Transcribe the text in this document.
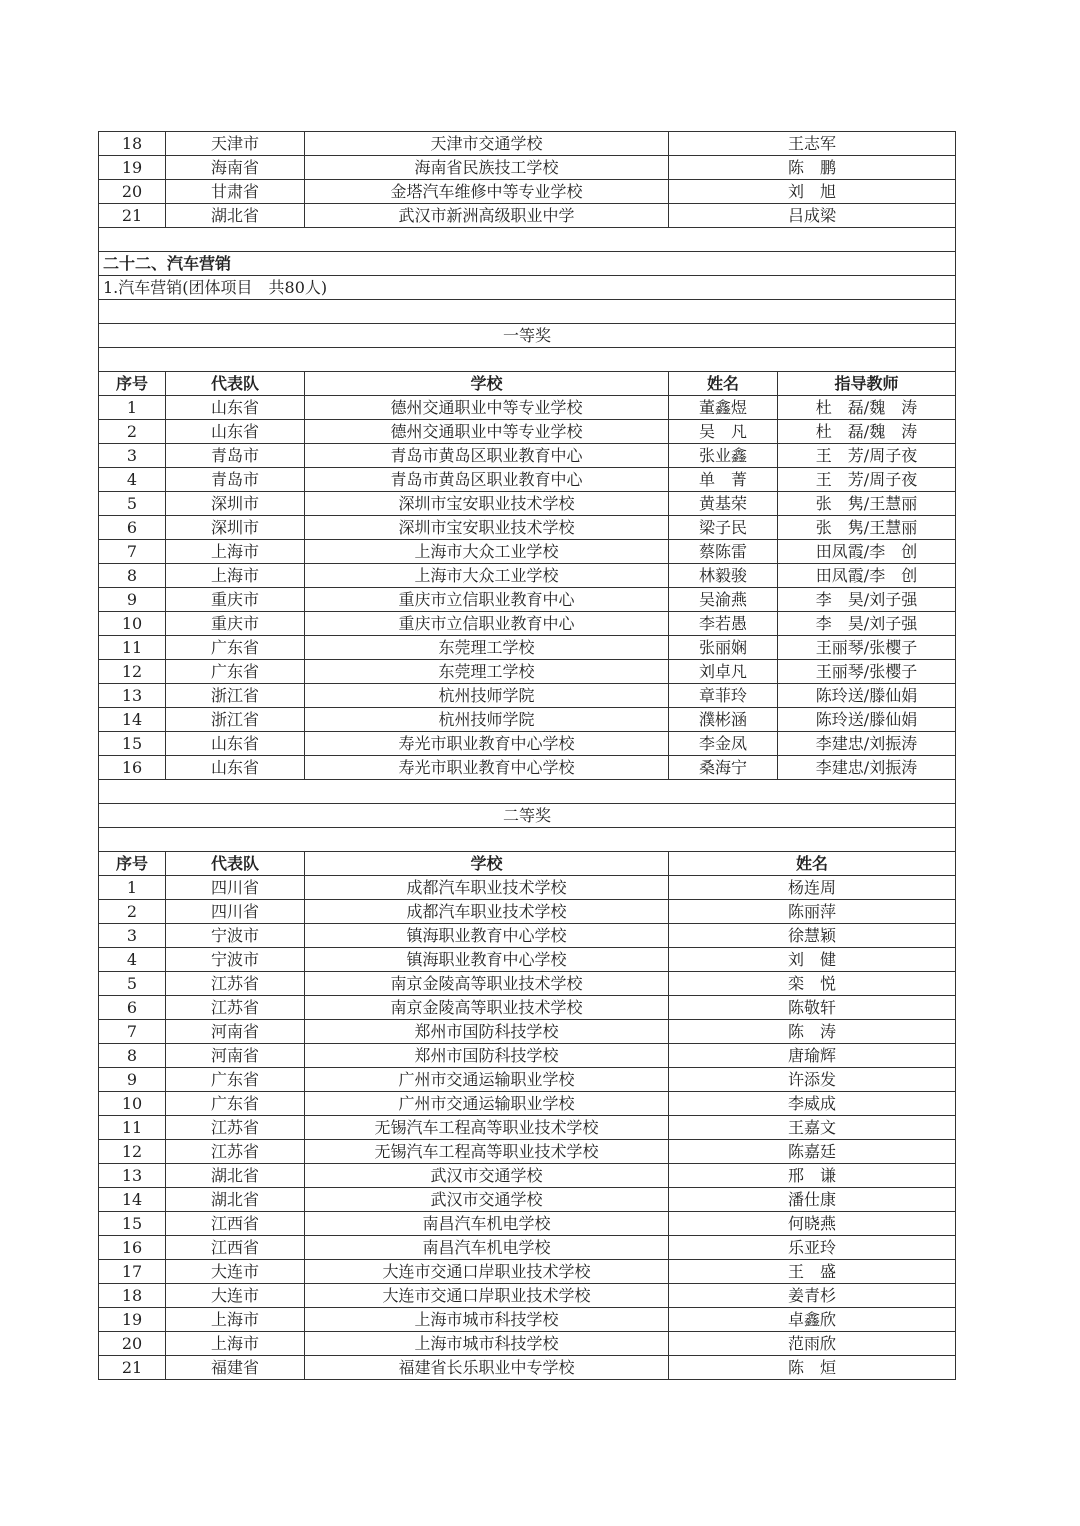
18	天津市	天津市交通学校	王志军	
19	海南省	海南省民族技工学校	陈　鹏	
20	甘肃省	金塔汽车维修中等专业学校	刘　旭	
21	湖北省	武汉市新洲高级职业中学	吕成梁	

二十二、汽车营销				
1.汽车营销(团体项目　共80人)				

一等奖				

序号	代表队	学校	姓名	指导教师
1	山东省	德州交通职业中等专业学校	董鑫煜	杜　磊/魏　涛
2	山东省	德州交通职业中等专业学校	吴　凡	杜　磊/魏　涛
3	青岛市	青岛市黄岛区职业教育中心	张业鑫	王　芳/周子夜
4	青岛市	青岛市黄岛区职业教育中心	单　菁	王　芳/周子夜
5	深圳市	深圳市宝安职业技术学校	黄基荣	张　隽/王慧丽
6	深圳市	深圳市宝安职业技术学校	梁子民	张　隽/王慧丽
7	上海市	上海市大众工业学校	蔡陈雷	田凤霞/李　创
8	上海市	上海市大众工业学校	林毅骏	田凤霞/李　创
9	重庆市	重庆市立信职业教育中心	吴渝燕	李　昊/刘子强
10	重庆市	重庆市立信职业教育中心	李若愚	李　昊/刘子强
11	广东省	东莞理工学校	张丽娴	王丽琴/张樱子
12	广东省	东莞理工学校	刘卓凡	王丽琴/张樱子
13	浙江省	杭州技师学院	章菲玲	陈玲送/滕仙娟
14	浙江省	杭州技师学院	濮彬涵	陈玲送/滕仙娟
15	山东省	寿光市职业教育中心学校	李金凤	李建忠/刘振涛
16	山东省	寿光市职业教育中心学校	桑海宁	李建忠/刘振涛

二等奖				

序号	代表队	学校	姓名	
1	四川省	成都汽车职业技术学校	杨连周	
2	四川省	成都汽车职业技术学校	陈丽萍	
3	宁波市	镇海职业教育中心学校	徐慧颖	
4	宁波市	镇海职业教育中心学校	刘　健	
5	江苏省	南京金陵高等职业技术学校	栾　悦	
6	江苏省	南京金陵高等职业技术学校	陈敬轩	
7	河南省	郑州市国防科技学校	陈　涛	
8	河南省	郑州市国防科技学校	唐瑜辉	
9	广东省	广州市交通运输职业学校	许添发	
10	广东省	广州市交通运输职业学校	李威成	
11	江苏省	无锡汽车工程高等职业技术学校	王嘉文	
12	江苏省	无锡汽车工程高等职业技术学校	陈嘉廷	
13	湖北省	武汉市交通学校	邢　谦	
14	湖北省	武汉市交通学校	潘仕康	
15	江西省	南昌汽车机电学校	何晓燕	
16	江西省	南昌汽车机电学校	乐亚玲	
17	大连市	大连市交通口岸职业技术学校	王　盛	
18	大连市	大连市交通口岸职业技术学校	姜青杉	
19	上海市	上海市城市科技学校	卓鑫欣	
20	上海市	上海市城市科技学校	范雨欣	
21	福建省	福建省长乐职业中专学校	陈　烜	
